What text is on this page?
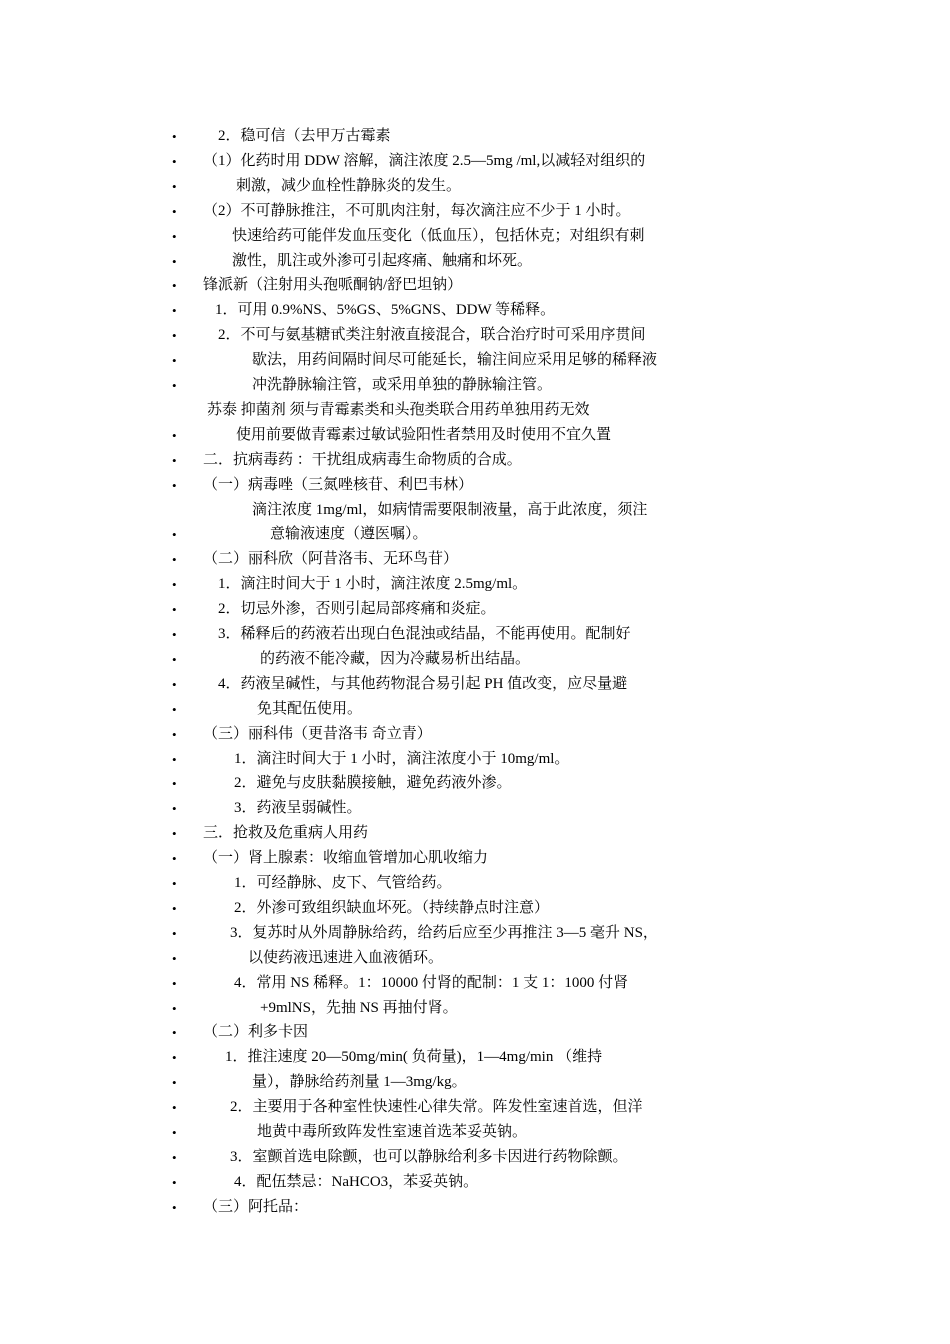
•	2．稳可信（去甲万古霉素
• （1）化药时用 DDW 溶解，滴注浓度 2.5—5mg /ml,以减轻对组织的
•	刺激，减少血栓性静脉炎的发生。
• （2）不可静脉推注，不可肌肉注射，每次滴注应不少于 1 小时。
•	快速给药可能伴发血压变化（低血压），包括休克；对组织有刺
•	激性，肌注或外渗可引起疼痛、触痛和坏死。
• 锋派新（注射用头孢哌酮钠/舒巴坦钠）
•	1．可用 0.9%NS、5%GS、5%GNS、DDW 等稀释。
•	2．不可与氨基糖甙类注射液直接混合，联合治疗时可采用序贯间
•	歇法，用药间隔时间尽可能延长，输注间应采用足够的稀释液
•	冲洗静脉输注管，或采用单独的静脉输注管。
苏泰 抑菌剂 须与青霉素类和头孢类联合用药单独用药无效
•	使用前要做青霉素过敏试验阳性者禁用及时使用不宜久置
• 二．抗病毒药 ：干扰组成病毒生命物质的合成。
• （一）病毒唑（三氮唑核苷、利巴韦林）
滴注浓度 1mg/ml，如病情需要限制液量，高于此浓度，须注
•	意输液速度（遵医嘱）。
• （二）丽科欣（阿昔洛韦、无环鸟苷）
•	1．滴注时间大于 1 小时，滴注浓度 2.5mg/ml。
•	2．切忌外渗，否则引起局部疼痛和炎症。
•	3．稀释后的药液若出现白色混浊或结晶，不能再使用。配制好
•	的药液不能冷藏，因为冷藏易析出结晶。
•	4．药液呈碱性，与其他药物混合易引起 PH 值改变，应尽量避
•	免其配伍使用。
• （三）丽科伟（更昔洛韦 奇立青）
•	1．滴注时间大于 1 小时，滴注浓度小于 10mg/ml。
•	2．避免与皮肤黏膜接触，避免药液外渗。
•	3．药液呈弱碱性。
• 三．抢救及危重病人用药
• （一）肾上腺素：收缩血管增加心肌收缩力
•	1．可经静脉、皮下、气管给药。
•	2．外渗可致组织缺血坏死。（持续静点时注意）
•	3．复苏时从外周静脉给药，给药后应至少再推注 3—5 毫升 NS，
•	以使药液迅速进入血液循环。
•	4．常用 NS 稀释。1：10000 付肾的配制：1 支 1：1000 付肾
•	+9mlNS，先抽 NS 再抽付肾。
• （二）利多卡因
•	1．推注速度 20—50mg/min( 负荷量)，1—4mg/min （维持
•	量），静脉给药剂量 1—3mg/kg。
•	2．主要用于各种室性快速性心律失常。阵发性室速首选，但洋
•	地黄中毒所致阵发性室速首选苯妥英钠。
•	3．室颤首选电除颤，也可以静脉给利多卡因进行药物除颤。
•	4．配伍禁忌：NaHCO3，苯妥英钠。
• （三）阿托品：
